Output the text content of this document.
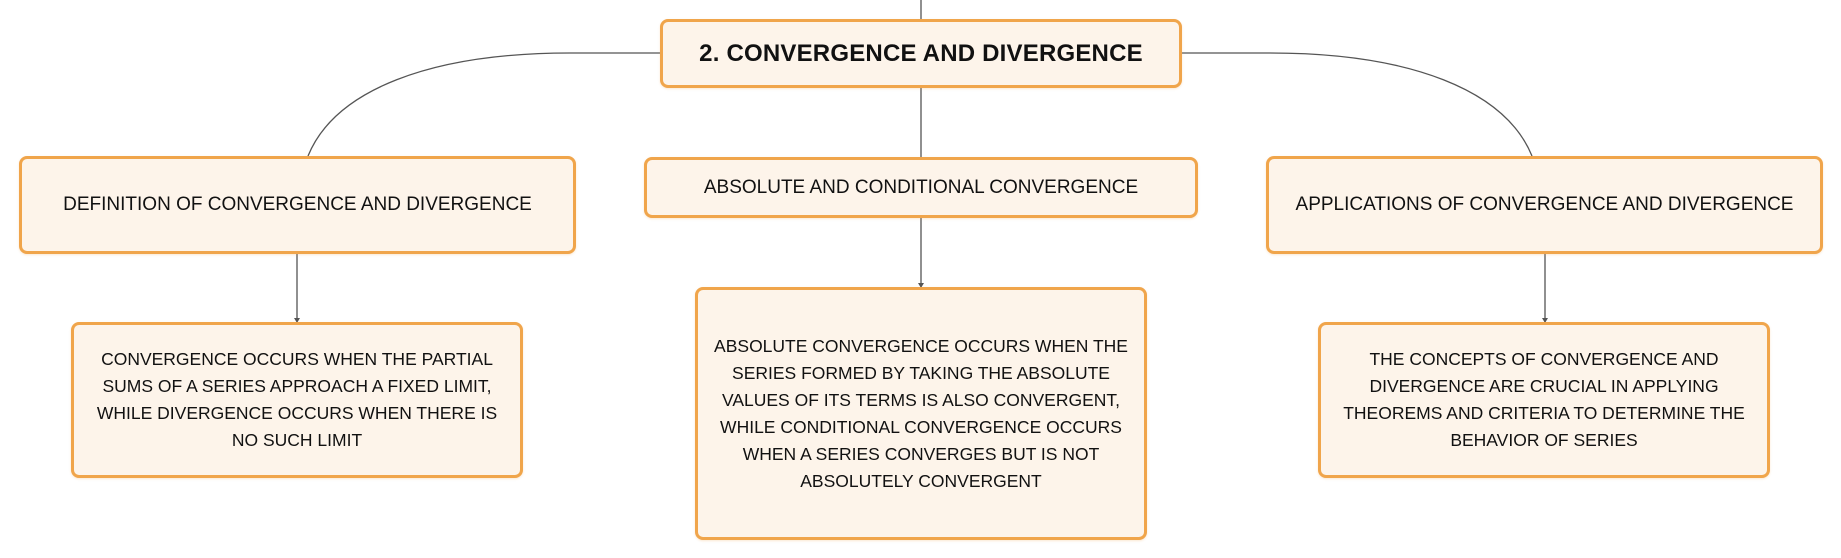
2. CONVERGENCE AND DIVERGENCE
DEFINITION OF CONVERGENCE AND DIVERGENCE
ABSOLUTE AND CONDITIONAL CONVERGENCE
APPLICATIONS OF CONVERGENCE AND DIVERGENCE
CONVERGENCE OCCURS WHEN THE PARTIAL SUMS OF A SERIES APPROACH A FIXED LIMIT, WHILE DIVERGENCE OCCURS WHEN THERE IS NO SUCH LIMIT
ABSOLUTE CONVERGENCE OCCURS WHEN THE SERIES FORMED BY TAKING THE ABSOLUTE VALUES OF ITS TERMS IS ALSO CONVERGENT, WHILE CONDITIONAL CONVERGENCE OCCURS WHEN A SERIES CONVERGES BUT IS NOT ABSOLUTELY CONVERGENT
THE CONCEPTS OF CONVERGENCE AND DIVERGENCE ARE CRUCIAL IN APPLYING THEOREMS AND CRITERIA TO DETERMINE THE BEHAVIOR OF SERIES
